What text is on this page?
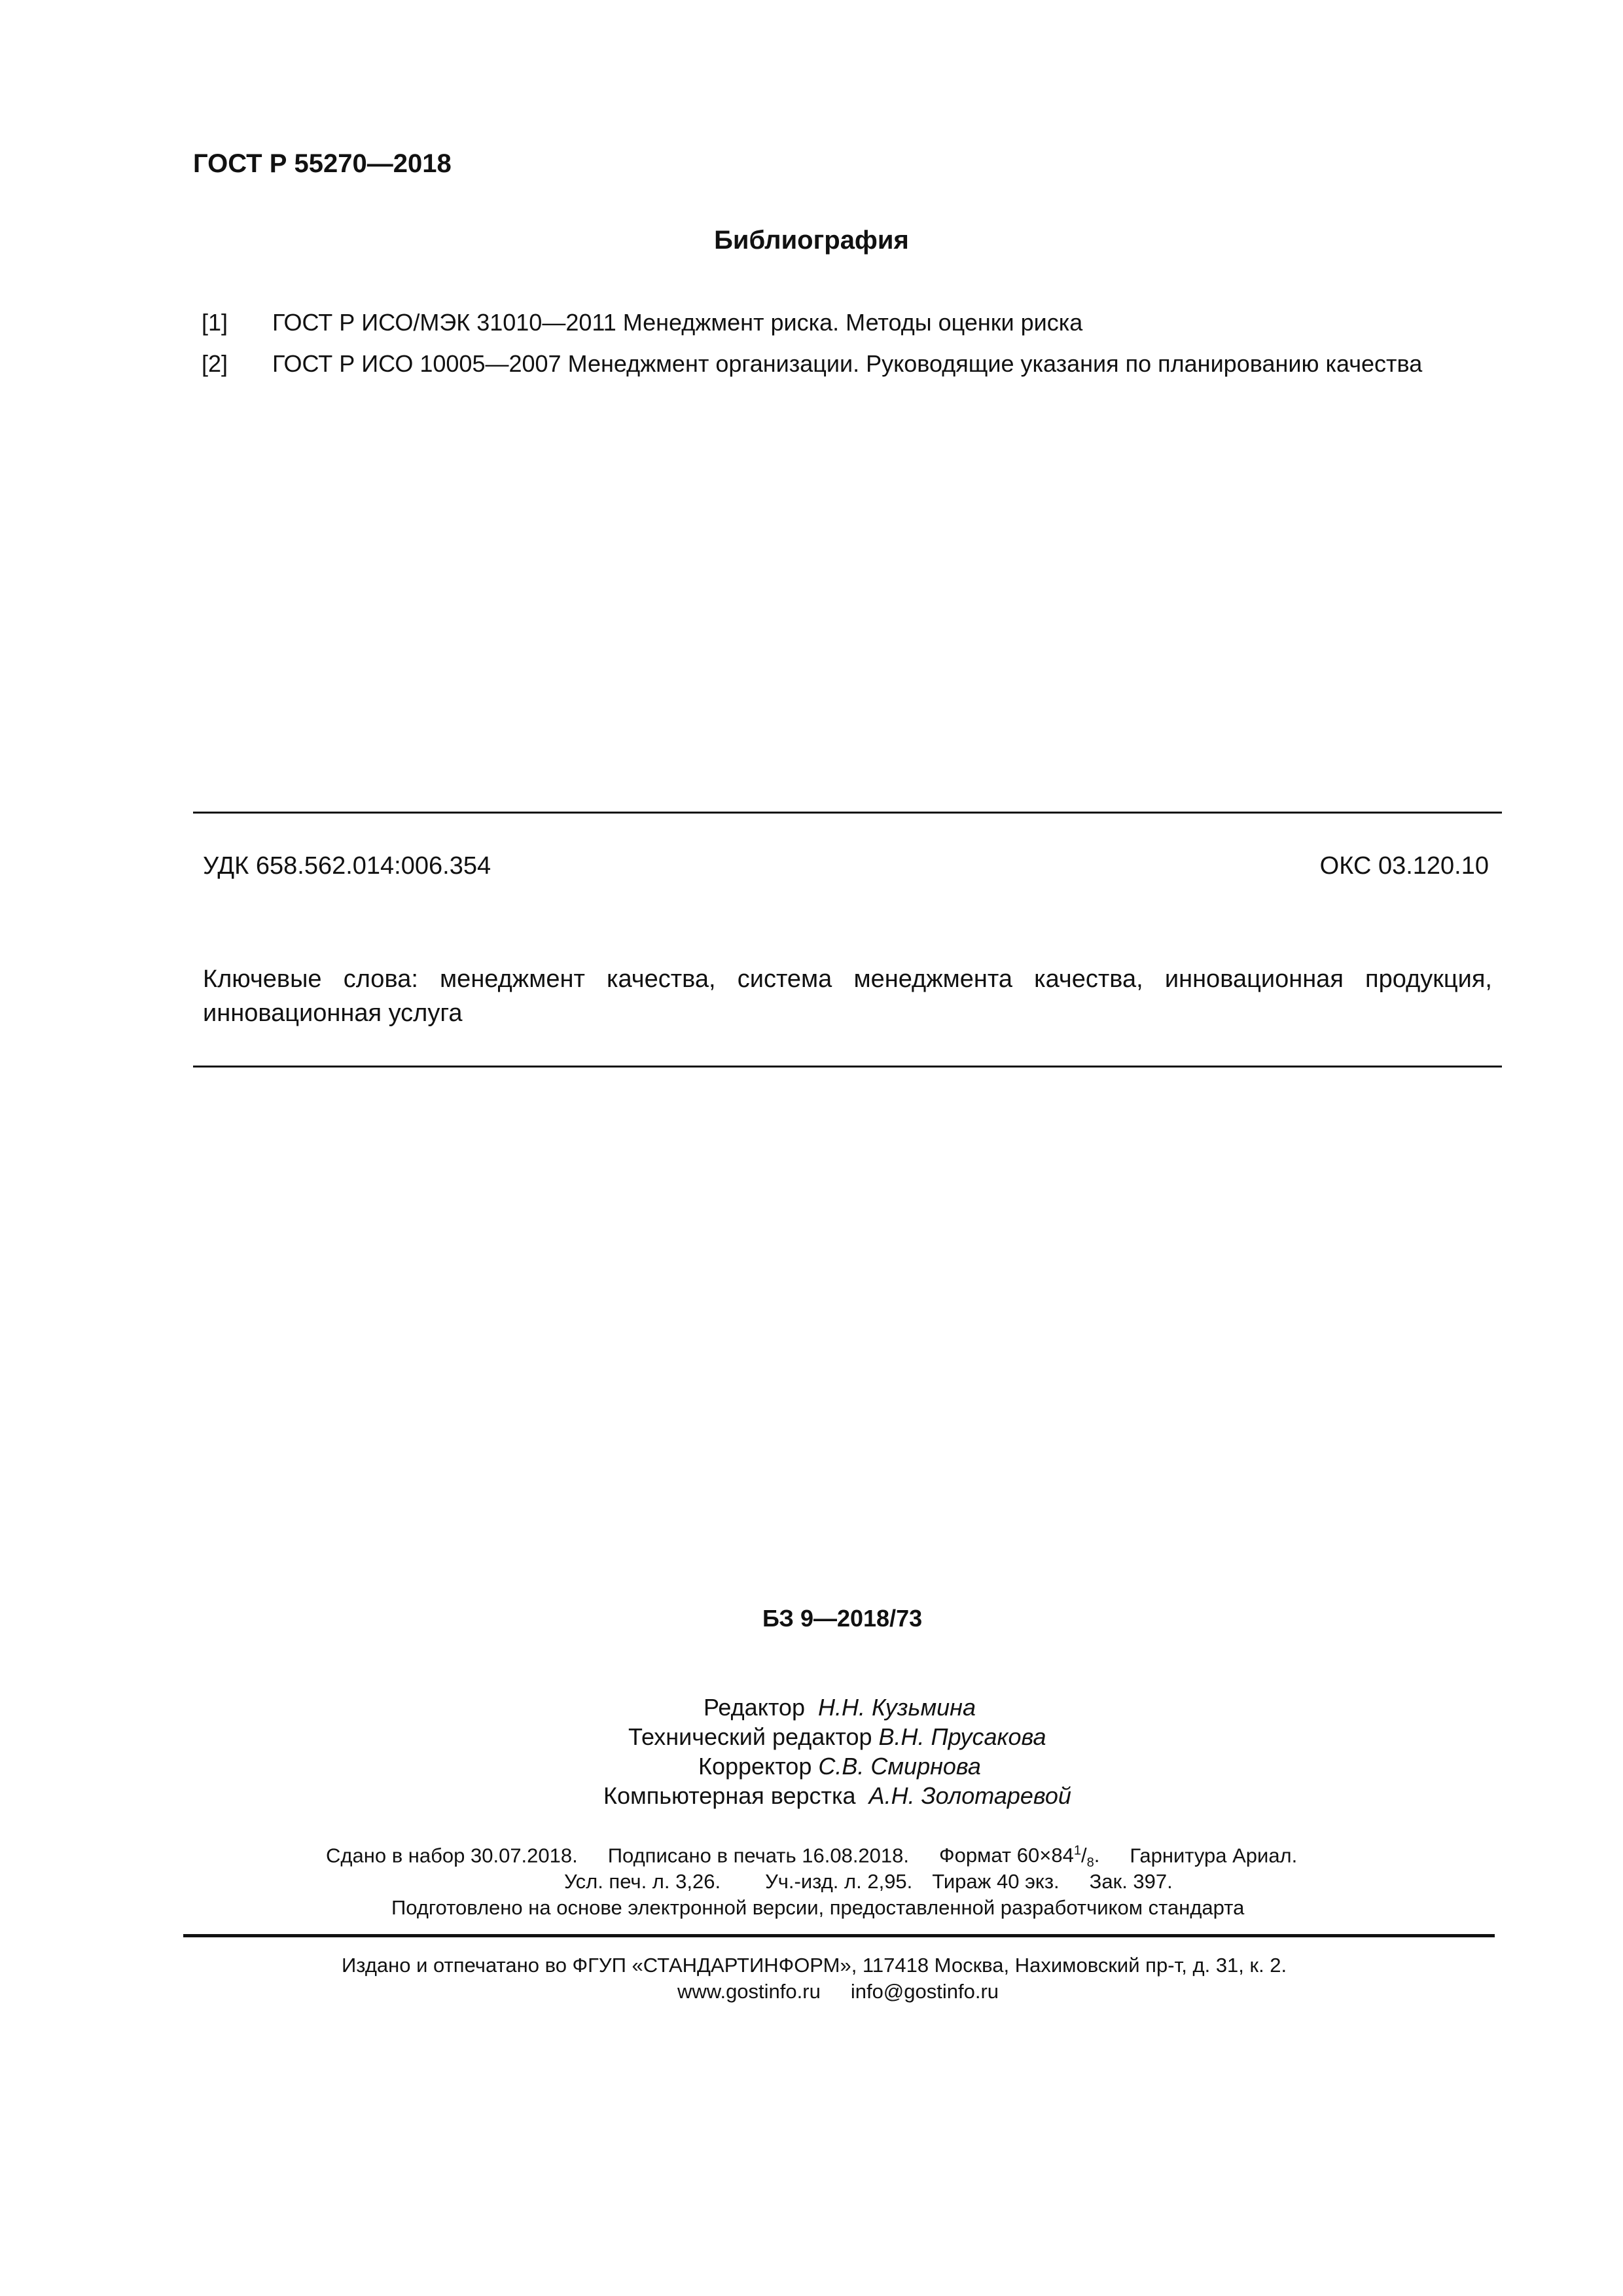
ГОСТ Р 55270—2018
Библиография
[1] ГОСТ Р ИСО/МЭК 31010—2011 Менеджмент риска. Методы оценки риска
[2] ГОСТ Р ИСО 10005—2007 Менеджмент организации. Руководящие указания по планированию качества
УДК 658.562.014:006.354	ОКС 03.120.10
Ключевые слова: менеджмент качества, система менеджмента качества, инновационная продукция,
инновационная услуга
БЗ 9—2018/73
Редактор Н.Н. Кузьмина
Технический редактор В.Н. Прусакова
Корректор С.В. Смирнова
Компьютерная верстка А.Н. Золотаревой
Сдано в набор 30.07.2018. Подписано в печать 16.08.2018. Формат $60\times 84^1/_8$. Гарнитура Ариал.
Усл. печ. л. 3,26. Уч.-изд. л. 2,95. Тираж 40 экз. Зак. 397.
Подготовлено на основе электронной версии, предоставленной разработчиком стандарта
Издано и отпечатано во ФГУП «СТАНДАРТИНФОРМ», 117418 Москва, Нахимовский пр-т, д. 31, к. 2.
www.gostinfo.ru info@gostinfo.ru
